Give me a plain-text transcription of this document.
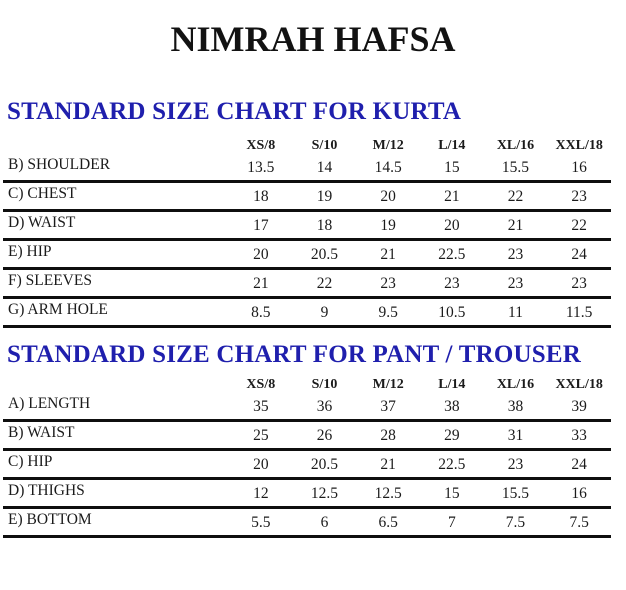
NIMRAH HAFSA
STANDARD SIZE CHART FOR KURTA
XS/8	S/10	M/12	L/14	XL/16	XXL/18
B) SHOULDER	13.5	14	14.5	15	15.5	16
C) CHEST	18	19	20	21	22	23
D) WAIST	17	18	19	20	21	22
E) HIP	20	20.5	21	22.5	23	24
F) SLEEVES	21	22	23	23	23	23
G) ARM HOLE	8.5	9	9.5	10.5	11	11.5
STANDARD SIZE CHART FOR PANT / TROUSER
XS/8	S/10	M/12	L/14	XL/16	XXL/18
A) LENGTH	35	36	37	38	38	39
B) WAIST	25	26	28	29	31	33
C) HIP	20	20.5	21	22.5	23	24
D) THIGHS	12	12.5	12.5	15	15.5	16
E) BOTTOM	5.5	6	6.5	7	7.5	7.5
